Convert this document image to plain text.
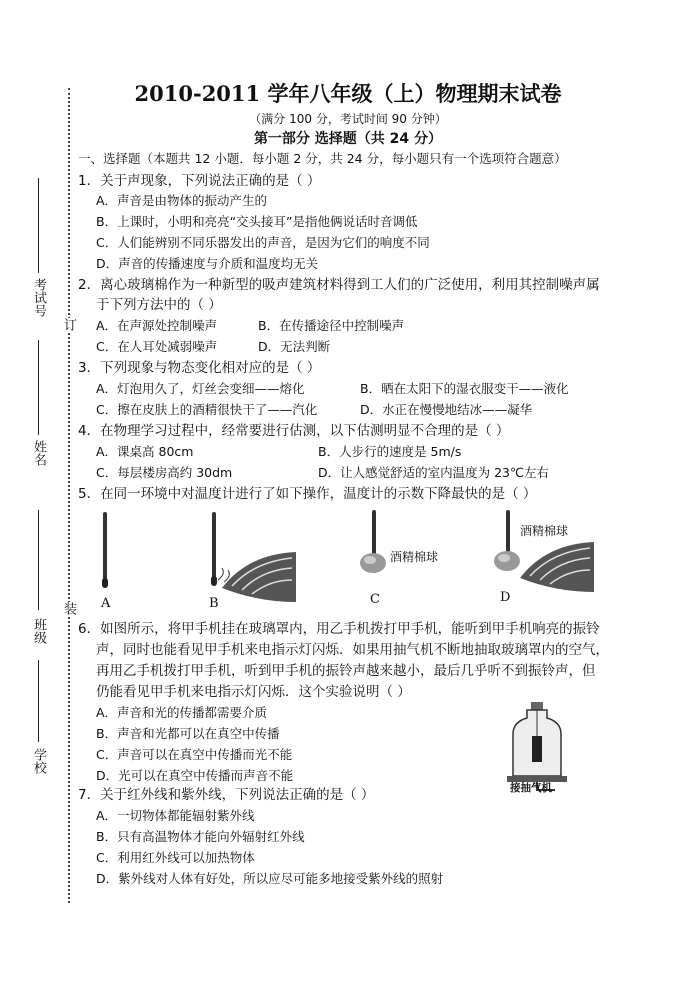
考试号
姓名
班级
学校
订
装
2010-2011 学年八年级（上）物理期末试卷
（满分 100 分，考试时间 90 分钟）
第一部分 选择题（共 24 分）
一、选择题（本题共 12 小题．每小题 2 分，共 24 分，每小题只有一个选项符合题意）
1．关于声现象，下列说法正确的是（ ）
A．声音是由物体的振动产生的
B．上课时，小明和亮亮“交头接耳”是指他俩说话时音调低
C．人们能辨别不同乐器发出的声音，是因为它们的响度不同
D．声音的传播速度与介质和温度均无关
2．离心玻璃棉作为一种新型的吸声建筑材料得到工人们的广泛使用，利用其控制噪声属
于下列方法中的（ ）
A．在声源处控制噪声	B．在传播途径中控制噪声
C．在人耳处减弱噪声	D．无法判断
3．下列现象与物态变化相对应的是（ ）
A．灯泡用久了，灯丝会变细——熔化	B．晒在太阳下的湿衣服变干——液化
C．擦在皮肤上的酒精很快干了——汽化	D．水正在慢慢地结冰——凝华
4．在物理学习过程中，经常要进行估测，以下估测明显不合理的是（ ）
A．课桌高 80cm	B．人步行的速度是 5m/s
C．每层楼房高约 30dm	D．让人感觉舒适的室内温度为 23℃左右
5．在同一环境中对温度计进行了如下操作，温度计的示数下降最快的是（ ）
A	B
酒精棉球
C
酒精棉球
D
6．如图所示，将甲手机挂在玻璃罩内，用乙手机拨打甲手机，能听到甲手机响亮的振铃
声，同时也能看见甲手机来电指示灯闪烁．如果用抽气机不断地抽取玻璃罩内的空气，
再用乙手机拨打甲手机，听到甲手机的振铃声越来越小，最后几乎听不到振铃声，但
仍能看见甲手机来电指示灯闪烁．这个实验说明（ ）
A．声音和光的传播都需要介质
B．声音和光都可以在真空中传播
C．声音可以在真空中传播而光不能
D．光可以在真空中传播而声音不能
接抽气机
7．关于红外线和紫外线，下列说法正确的是（ ）
A．一切物体都能辐射紫外线
B．只有高温物体才能向外辐射红外线
C．利用红外线可以加热物体
D．紫外线对人体有好处，所以应尽可能多地接受紫外线的照射
